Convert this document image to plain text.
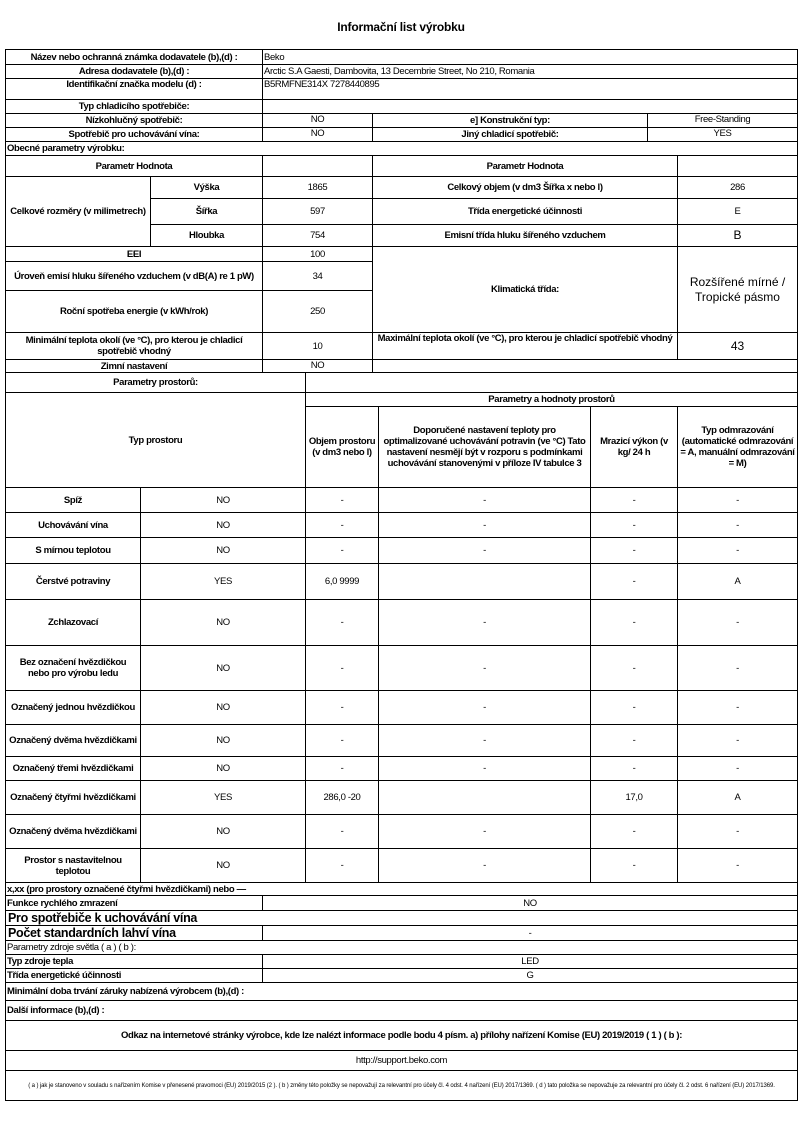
Informační list výrobku
Název nebo ochranná známka dodavatele (b),(d) :	Beko		
Adresa dodavatele (b),(d) :	Arctic S.A Gaesti, Dambovita, 13 Decembrie Street, No 210, Romania		
Identifikační značka modelu (d) :	B5RMFNE314X 7278440895		
Typ chladicího spotřebiče:			
Nízkohlučný spotřebič:	NO	e] Konstrukční typ:	Free-Standing
Spotřebič pro uchovávání vína:	NO	Jiný chladicí spotřebič:	YES
Obecné parametry výrobku:				
Parametr Hodnota			Parametr Hodnota	
Celkové rozměry (v milimetrech)	Výška	1865	Celkový objem (v dm3 Šířka x nebo l)	286
	Šířka	597	Třída energetické účinnosti	E
	Hloubka	754	Emisní třída hluku šířeného vzduchem	B
EEI		100	Klimatická třída:	Rozšířené mírné / Tropické pásmo
Úroveň emisí hluku šířeného vzduchem (v dB(A) re 1 pW)		34		
Roční spotřeba energie (v kWh/rok)		250		
Minimální teplota okolí (ve °C), pro kterou je chladicí spotřebič vhodný		10	Maximální teplota okolí (ve °C), pro kterou je chladicí spotřebič vhodný	43
Zimní nastavení		NO		
Parametry prostorů:					
Typ prostoru		Parametry a hodnoty prostorů			
		Objem prostoru (v dm3 nebo l)	Doporučené nastavení teploty pro optimalizované uchovávání potravin (ve °C) Tato nastavení nesmějí být v rozporu s podmínkami uchovávání stanovenými v příloze IV tabulce 3	Mrazicí výkon (v kg/ 24 h	Typ odmrazování (automatické odmrazování = A, manuální odmrazování = M)
Spíž	NO	-	-	-	-
Uchovávání vína	NO	-	-	-	-
S mírnou teplotou	NO	-	-	-	-
Čerstvé potraviny	YES	6,0 9999		-	A
Zchlazovací	NO	-	-	-	-
Bez označení hvězdičkou nebo pro výrobu ledu	NO	-	-	-	-
Označený jednou hvězdičkou	NO	-	-	-	-
Označený dvěma hvězdičkami	NO	-	-	-	-
Označený třemi hvězdičkami	NO	-	-	-	-
Označený čtyřmi hvězdičkami	YES	286,0 -20		17,0	A
Označený dvěma hvězdičkami	NO	-	-	-	-
Prostor s nastavitelnou teplotou	NO	-	-	-	-
x,xx (pro prostory označené čtyřmi hvězdičkami) nebo —	
Funkce rychlého zmrazení	NO
Pro spotřebiče k uchovávání vína	
Počet standardních lahví vína	-
Parametry zdroje světla ( a ) ( b ):	
Typ zdroje tepla	LED
Třída energetické účinnosti	G
Minimální doba trvání záruky nabízená výrobcem (b),(d) :	
Další informace (b),(d) :	
Odkaz na internetové stránky výrobce, kde lze nalézt informace podle bodu 4 písm. a) přílohy nařízení Komise (EU) 2019/2019 ( 1 ) ( b ):	
http://support.beko.com	
( a ) jak je stanoveno v souladu s nařízením Komise v přenesené pravomoci (EU) 2019/2015 (2 ). ( b ) změny této položky se nepovažují za relevantní pro účely čl. 4 odst. 4 nařízení (EU) 2017/1369. ( d ) tato položka se nepovažuje za relevantní pro účely čl. 2 odst. 6 nařízení (EU) 2017/1369.	
